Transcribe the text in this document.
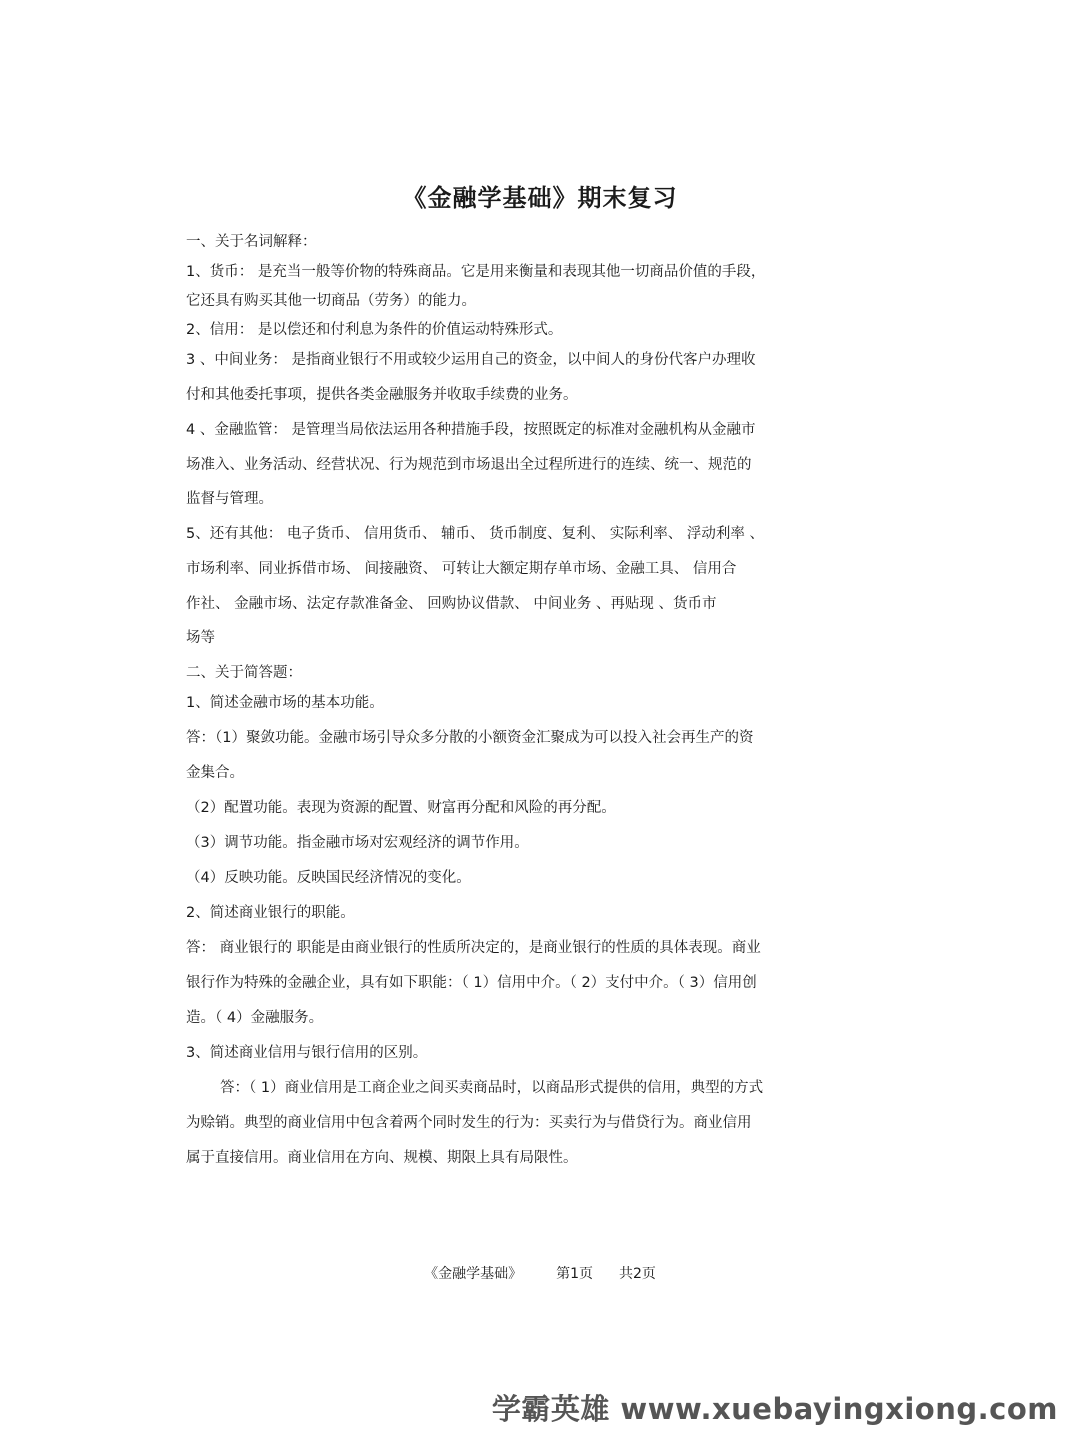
《金融学基础》期末复习
一、关于名词解释：
1、货币： 是充当一般等价物的特殊商品。它是用来衡量和表现其他一切商品价值的手段，
它还具有购买其他一切商品（劳务）的能力。
2、信用： 是以偿还和付利息为条件的价值运动特殊形式。
3 、中间业务： 是指商业银行不用或较少运用自己的资金，以中间人的身份代客户办理收
付和其他委托事项，提供各类金融服务并收取手续费的业务。
4 、金融监管： 是管理当局依法运用各种措施手段，按照既定的标准对金融机构从金融市
场准入、业务活动、经营状况、行为规范到市场退出全过程所进行的连续、统一、规范的
监督与管理。
5、还有其他： 电子货币、 信用货币、 辅币、 货币制度、复利、 实际利率、 浮动利率 、
市场利率、同业拆借市场、 间接融资、 可转让大额定期存单市场、金融工具、 信用合
作社、 金融市场、法定存款准备金、 回购协议借款、 中间业务 、再贴现 、货币市
场等
二、关于简答题：
1、简述金融市场的基本功能。
答：（1）聚敛功能。金融市场引导众多分散的小额资金汇聚成为可以投入社会再生产的资
金集合。
（2）配置功能。表现为资源的配置、财富再分配和风险的再分配。
（3）调节功能。指金融市场对宏观经济的调节作用。
（4）反映功能。反映国民经济情况的变化。
2、简述商业银行的职能。
答： 商业银行的 职能是由商业银行的性质所决定的，是商业银行的性质的具体表现。商业
银行作为特殊的金融企业，具有如下职能：（ 1）信用中介。（ 2）支付中介。（ 3）信用创
造。（ 4）金融服务。
3、简述商业信用与银行信用的区别。
答：（ 1）商业信用是工商企业之间买卖商品时，以商品形式提供的信用，典型的方式
为赊销。典型的商业信用中包含着两个同时发生的行为：买卖行为与借贷行为。商业信用
属于直接信用。商业信用在方向、规模、期限上具有局限性。
《金融学基础》 第1页 共2页
学霸英雄 www.xuebayingxiong.com
